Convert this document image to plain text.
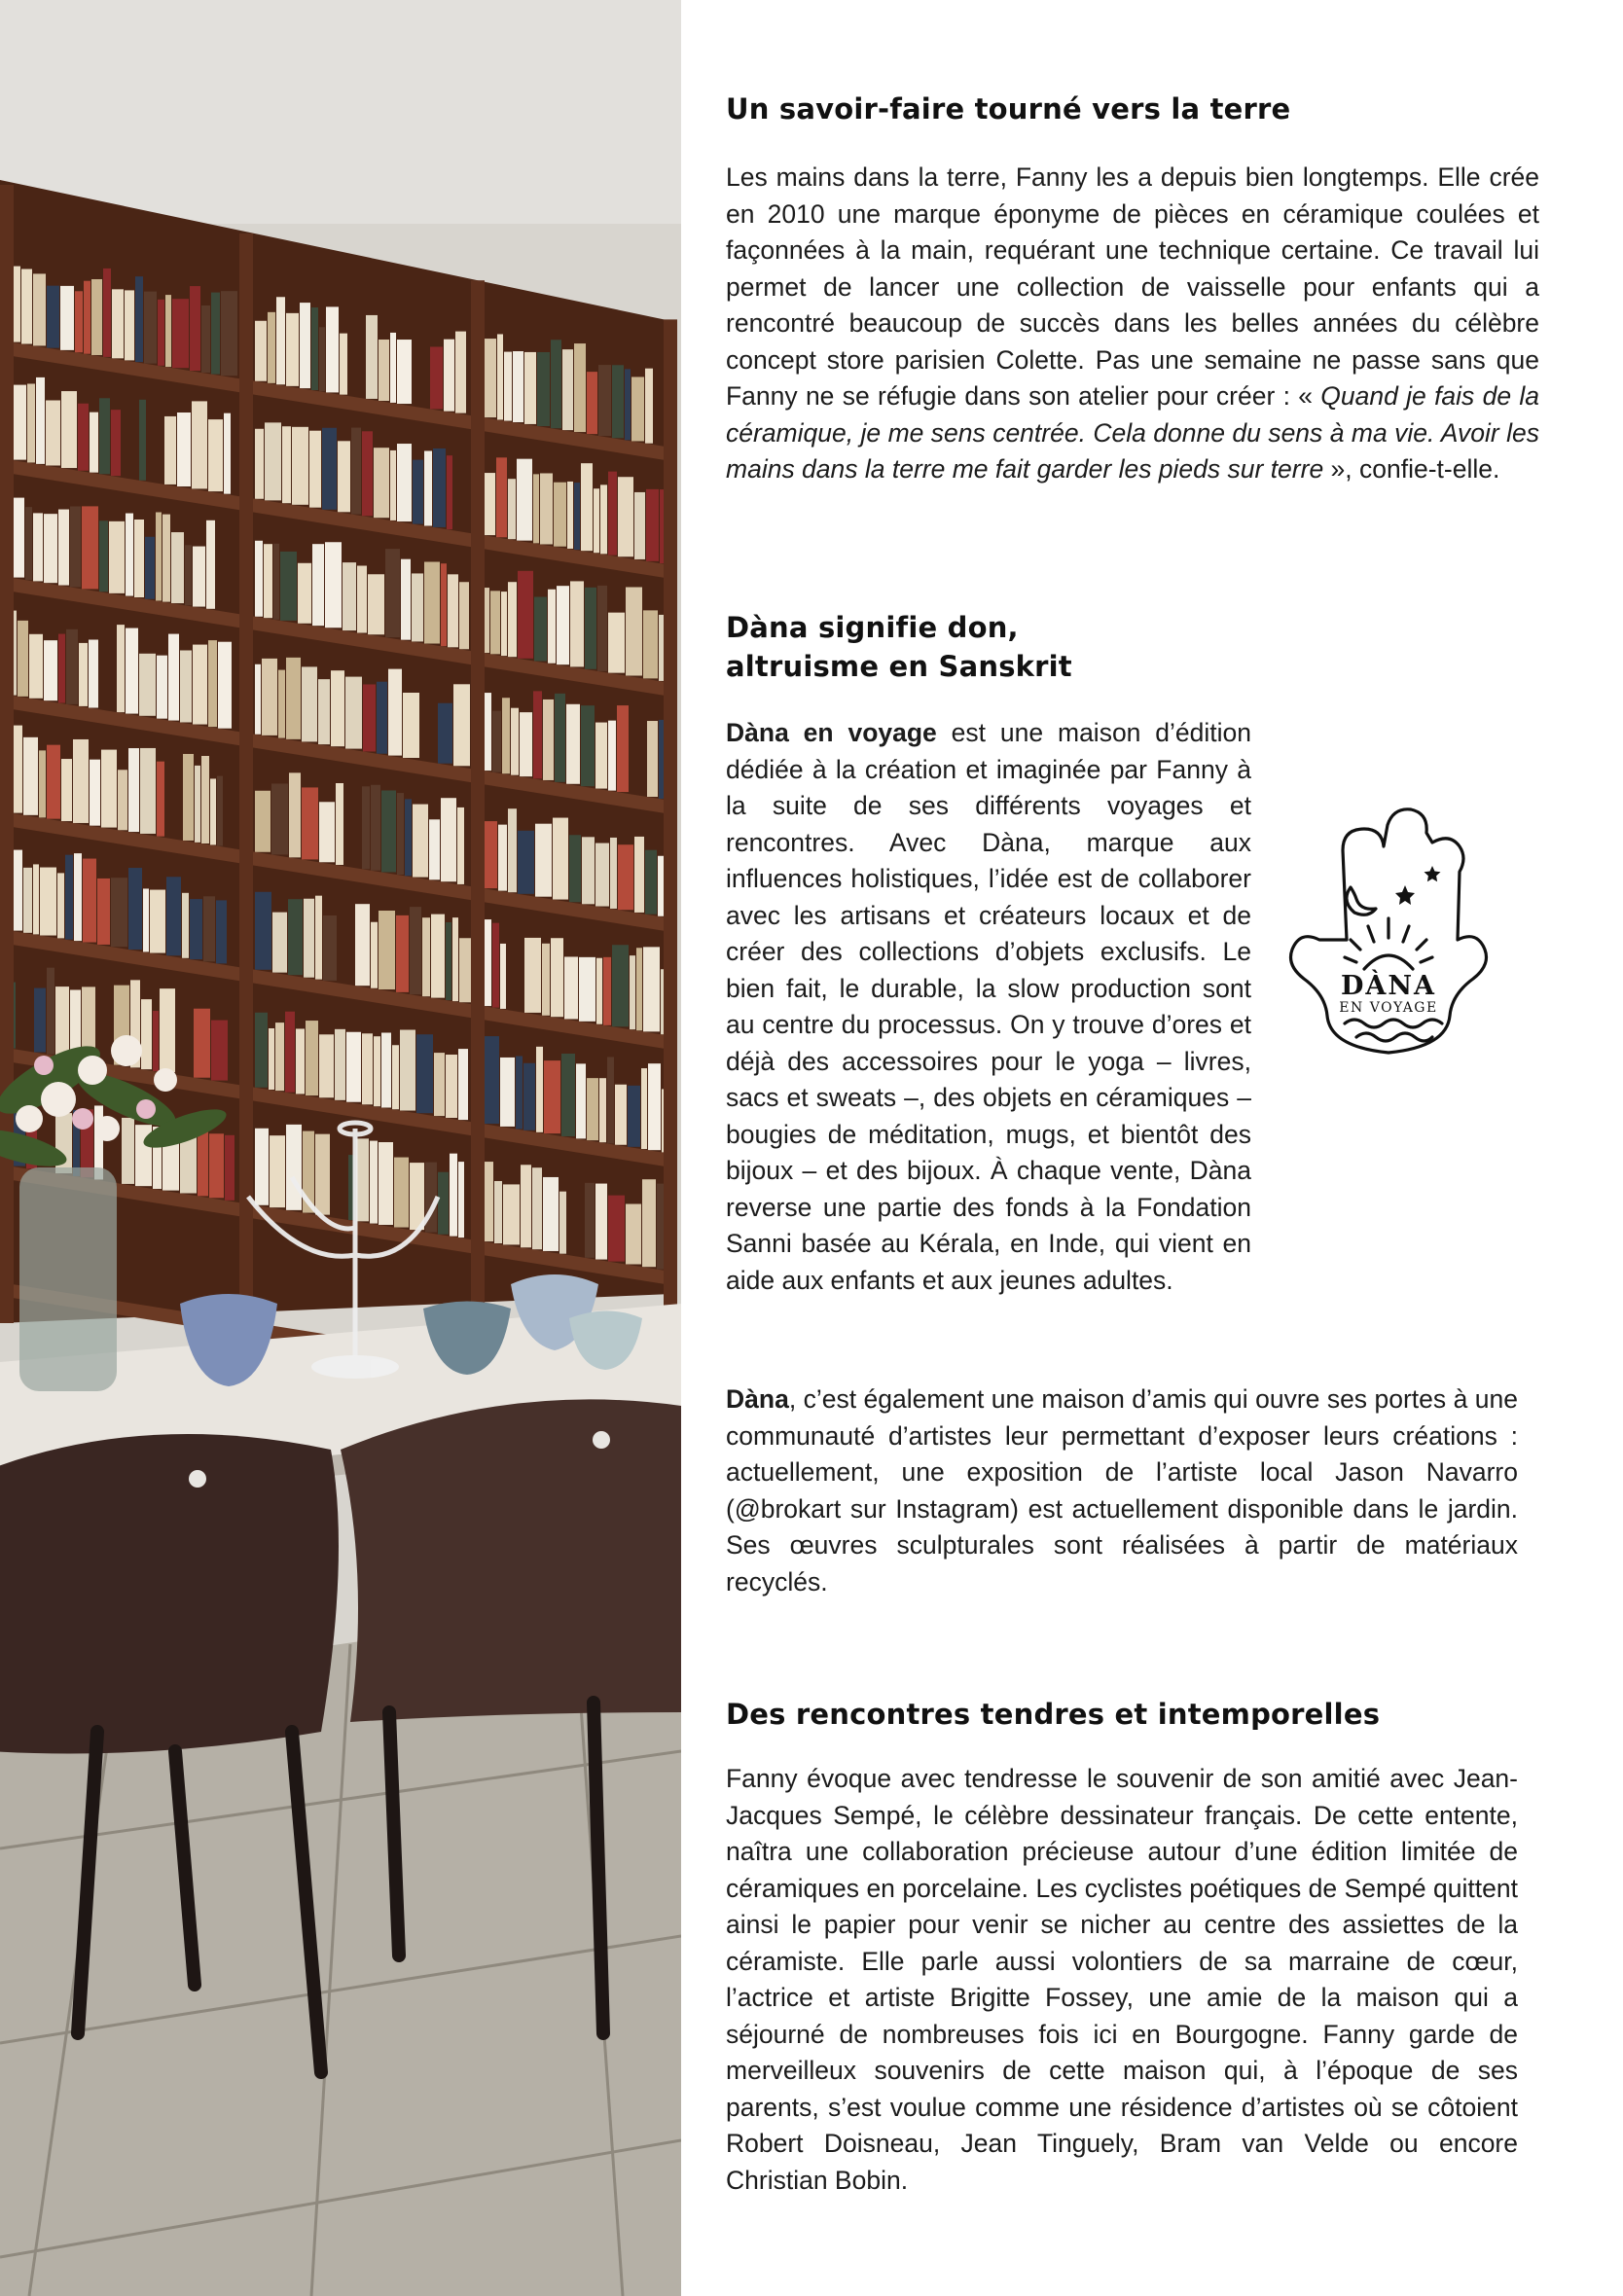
Un savoir-faire tourné vers la terre

Les mains dans la terre, Fanny les a depuis bien longtemps. Elle crée en 2010 une marque éponyme de pièces en céramique coulées et façonnées à la main, requérant une technique certaine. Ce travail lui permet de lancer une collection de vaisselle pour enfants qui a rencontré beaucoup de succès dans les belles années du célèbre concept store parisien Colette. Pas une semaine ne passe sans que Fanny ne se réfugie dans son atelier pour créer : « Quand je fais de la céramique, je me sens centrée. Cela donne du sens à ma vie. Avoir les mains dans la terre me fait garder les pieds sur terre », confie-t-elle.

Dàna signifie don,
altruisme en Sanskrit

Dàna en voyage est une maison d’édition dédiée à la création et imaginée par Fanny à la suite de ses différents voyages et rencontres. Avec Dàna, marque aux influences holistiques, l’idée est de collaborer avec les artisans et créateurs locaux et de créer des collections d’objets exclusifs. Le bien fait, le durable, la slow production sont au centre du processus. On y trouve d’ores et déjà des accessoires pour le yoga – livres, sacs et sweats –, des objets en céramiques – bougies de méditation, mugs, et bientôt des bijoux – et des bijoux. À chaque vente, Dàna reverse une partie des fonds à la Fondation Sanni basée au Kérala, en Inde, qui vient en aide aux enfants et aux jeunes adultes.

DÀNA
EN VOYAGE

Dàna, c’est également une maison d’amis qui ouvre ses portes à une communauté d’artistes leur permettant d’exposer leurs créations : actuellement, une exposition de l’artiste local Jason Navarro (@brokart sur Instagram) est actuellement disponible dans le jardin. Ses œuvres sculpturales sont réalisées à partir de matériaux recyclés.

Des rencontres tendres et intemporelles

Fanny évoque avec tendresse le souvenir de son amitié avec Jean-Jacques Sempé, le célèbre dessinateur français. De cette entente, naîtra une collaboration précieuse autour d’une édition limitée de céramiques en porcelaine. Les cyclistes poétiques de Sempé quittent ainsi le papier pour venir se nicher au centre des assiettes de la céramiste. Elle parle aussi volontiers de sa marraine de cœur, l’actrice et artiste Brigitte Fossey, une amie de la maison qui a séjourné de nombreuses fois ici en Bourgogne. Fanny garde de merveilleux souvenirs de cette maison qui, à l’époque de ses parents, s’est voulue comme une résidence d’artistes où se côtoient Robert Doisneau, Jean Tinguely, Bram van Velde ou encore Christian Bobin.
